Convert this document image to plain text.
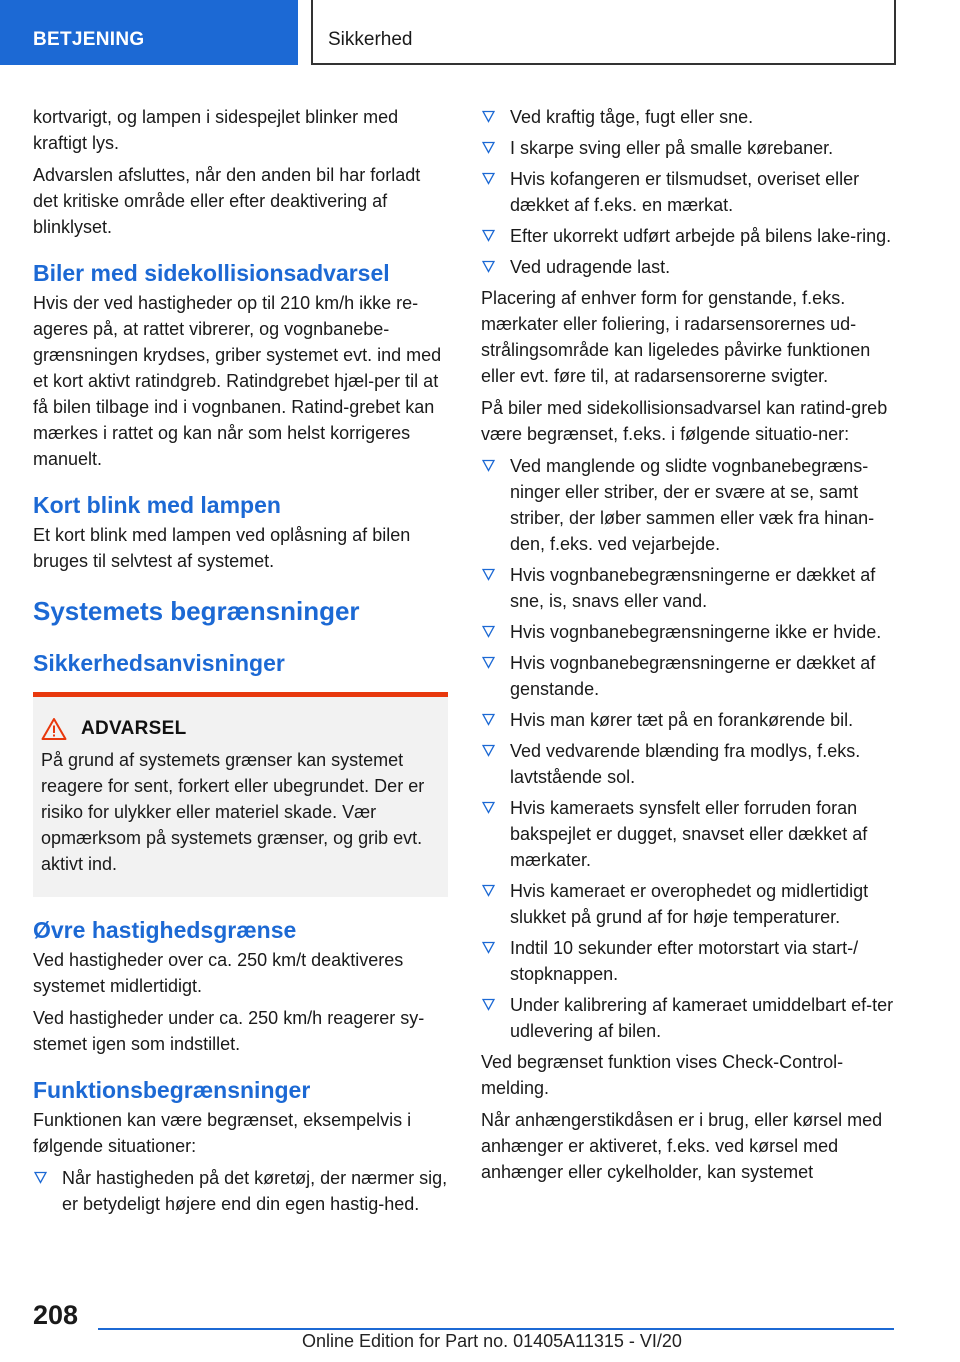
BETJENING	Sikkerhed

kortvarigt, og lampen i sidespejlet blinker med kraftigt lys.

Advarslen afsluttes, når den anden bil har forladt det kritiske område eller efter deaktivering af blinklyset.

Biler med sidekollisionsadvarsel

Hvis der ved hastigheder op til 210 km/h ikke re‐ageres på, at rattet vibrerer, og vognbanebe‐grænsningen krydses, griber systemet evt. ind med et kort aktivt ratindgreb. Ratindgrebet hjæl‐per til at få bilen tilbage ind i vognbanen. Ratind‐grebet kan mærkes i rattet og kan når som helst korrigeres manuelt.

Kort blink med lampen

Et kort blink med lampen ved oplåsning af bilen bruges til selvtest af systemet.

Systemets begrænsninger
Sikkerhedsanvisninger
ADVARSEL

På grund af systemets grænser kan systemet reagere for sent, forkert eller ubegrundet. Der er risiko for ulykker eller materiel skade. Vær opmærksom på systemets grænser, og grib evt. aktivt ind.

Øvre hastighedsgrænse

Ved hastigheder over ca. 250 km/t deaktiveres systemet midlertidigt.

Ved hastigheder under ca. 250 km/h reagerer sy‐stemet igen som indstillet.

Funktionsbegrænsninger

Funktionen kan være begrænset, eksempelvis i følgende situationer:

Når hastigheden på det køretøj, der nærmer sig, er betydeligt højere end din egen hastig‐hed.
Ved kraftig tåge, fugt eller sne.
I skarpe sving eller på smalle kørebaner.
Hvis kofangeren er tilsmudset, overiset eller dækket af f.eks. en mærkat.
Efter ukorrekt udført arbejde på bilens lake‐ring.
Ved udragende last.

Placering af enhver form for genstande, f.eks. mærkater eller foliering, i radarsensorernes ud‐strålingsområde kan ligeledes påvirke funktionen eller evt. føre til, at radarsensorerne svigter.

På biler med sidekollisionsadvarsel kan ratind‐greb være begrænset, f.eks. i følgende situatio‐ner:

Ved manglende og slidte vognbanebegræns‐ninger eller striber, der er svære at se, samt striber, der løber sammen eller væk fra hinan‐den, f.eks. ved vejarbejde.
Hvis vognbanebegrænsningerne er dækket af sne, is, snavs eller vand.
Hvis vognbanebegrænsningerne ikke er hvide.
Hvis vognbanebegrænsningerne er dækket af genstande.
Hvis man kører tæt på en forankørende bil.
Ved vedvarende blænding fra modlys, f.eks. lavtstående sol.
Hvis kameraets synsfelt eller forruden foran bakspejlet er dugget, snavset eller dækket af mærkater.
Hvis kameraet er overophedet og midlertidigt slukket på grund af for høje temperaturer.
Indtil 10 sekunder efter motorstart via start-/ stopknappen.
Under kalibrering af kameraet umiddelbart ef‐ter udlevering af bilen.

Ved begrænset funktion vises Check-Control-melding.

Når anhængerstikdåsen er i brug, eller kørsel med anhænger er aktiveret, f.eks. ved kørsel med anhænger eller cykelholder, kan systemet

208
Online Edition for Part no. 01405A11315 - VI/20
